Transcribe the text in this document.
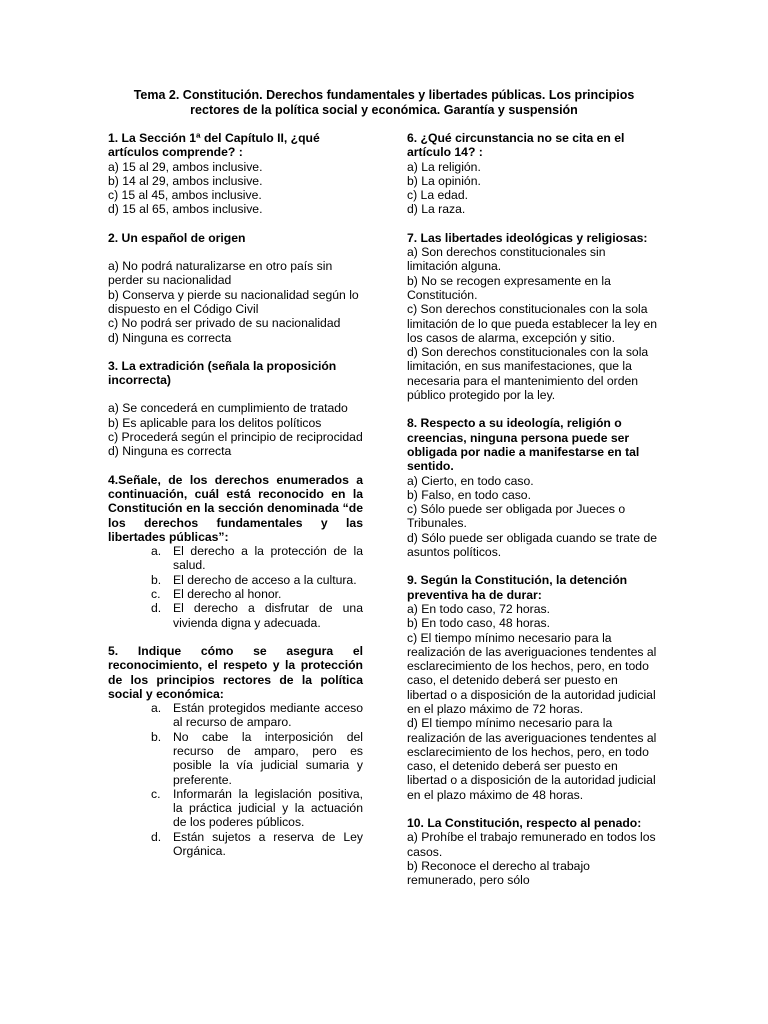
Tema 2. Constitución. Derechos fundamentales y libertades públicas. Los principios
rectores de la política social y económica. Garantía y suspensión

1. La Sección 1ª del Capítulo II, ¿qué artículos comprende? :

a) 15 al 29, ambos inclusive.

b) 14 al 29, ambos inclusive.

c) 15 al 45, ambos inclusive.

d) 15 al 65, ambos inclusive.

2. Un español de origen

a) No podrá naturalizarse en otro país sin perder su nacionalidad

b) Conserva y pierde su nacionalidad según lo dispuesto en el Código Civil

c) No podrá ser privado de su nacionalidad

d) Ninguna es correcta

3. La extradición (señala la proposición incorrecta)

a) Se concederá en cumplimiento de tratado

b) Es aplicable para los delitos políticos

c) Procederá según el principio de reciprocidad

d) Ninguna es correcta

4.Señale, de los derechos enumerados a continuación, cuál está reconocido en la Constitución en la sección denominada “de los derechos fundamentales y las libertades públicas”:

a. El derecho a la protección de la salud.
b. El derecho de acceso a la cultura.
c. El derecho al honor.
d. El derecho a disfrutar de una vivienda digna y adecuada.

5. Indique cómo se asegura el reconocimiento, el respeto y la protección de los principios rectores de la política social y económica:

a. Están protegidos mediante acceso al recurso de amparo.
b. No cabe la interposición del recurso de amparo, pero es posible la vía judicial sumaria y preferente.
c. Informarán la legislación positiva, la práctica judicial y la actuación de los poderes públicos.
d. Están sujetos a reserva de Ley Orgánica.

6. ¿Qué circunstancia no se cita en el artículo 14? :

a) La religión.

b) La opinión.

c) La edad.

d) La raza.

7. Las libertades ideológicas y religiosas:

a) Son derechos constitucionales sin limitación alguna.

b) No se recogen expresamente en la Constitución.

c) Son derechos constitucionales con la sola limitación de lo que pueda establecer la ley en los casos de alarma, excepción y sitio.

d) Son derechos constitucionales con la sola limitación, en sus manifestaciones, que la necesaria para el mantenimiento del orden público protegido por la ley.

8. Respecto a su ideología, religión o creencias, ninguna persona puede ser obligada por nadie a manifestarse en tal sentido.

a) Cierto, en todo caso.

b) Falso, en todo caso.

c) Sólo puede ser obligada por Jueces o Tribunales.

d) Sólo puede ser obligada cuando se trate de asuntos políticos.

9. Según la Constitución, la detención preventiva ha de durar:

a) En todo caso, 72 horas.

b) En todo caso, 48 horas.

c) El tiempo mínimo necesario para la realización de las averiguaciones tendentes al esclarecimiento de los hechos, pero, en todo caso, el detenido deberá ser puesto en libertad o a disposición de la autoridad judicial en el plazo máximo de 72 horas.

d) El tiempo mínimo necesario para la realización de las averiguaciones tendentes al esclarecimiento de los hechos, pero, en todo caso, el detenido deberá ser puesto en libertad o a disposición de la autoridad judicial en el plazo máximo de 48 horas.

10. La Constitución, respecto al penado:

a) Prohíbe el trabajo remunerado en todos los casos.

b) Reconoce el derecho al trabajo remunerado, pero sólo
